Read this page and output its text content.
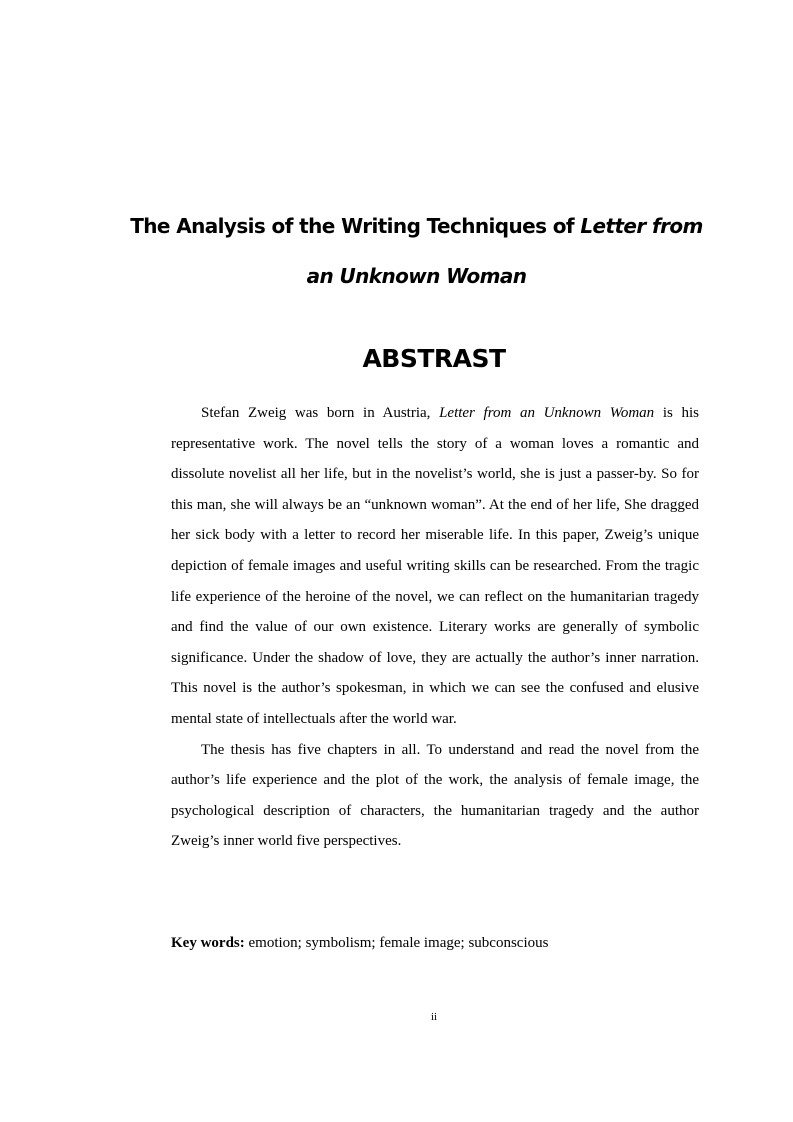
The Analysis of the Writing Techniques of Letter from
an Unknown Woman
ABSTRAST

Stefan Zweig was born in Austria, Letter from an Unknown Woman is his representative work. The novel tells the story of a woman loves a romantic and dissolute novelist all her life, but in the novelist’s world, she is just a passer-by. So for this man, she will always be an “unknown woman”. At the end of her life, She dragged her sick body with a letter to record her miserable life. In this paper, Zweig’s unique depiction of female images and useful writing skills can be researched. From the tragic life experience of the heroine of the novel, we can reflect on the humanitarian tragedy and find the value of our own existence. Literary works are generally of symbolic significance. Under the shadow of love, they are actually the author’s inner narration. This novel is the author’s spokesman, in which we can see the confused and elusive mental state of intellectuals after the world war.

The thesis has five chapters in all. To understand and read the novel from the author’s life experience and the plot of the work, the analysis of female image, the psychological description of characters, the humanitarian tragedy and the author Zweig’s inner world five perspectives.

Key words: emotion; symbolism; female image; subconscious
ii
